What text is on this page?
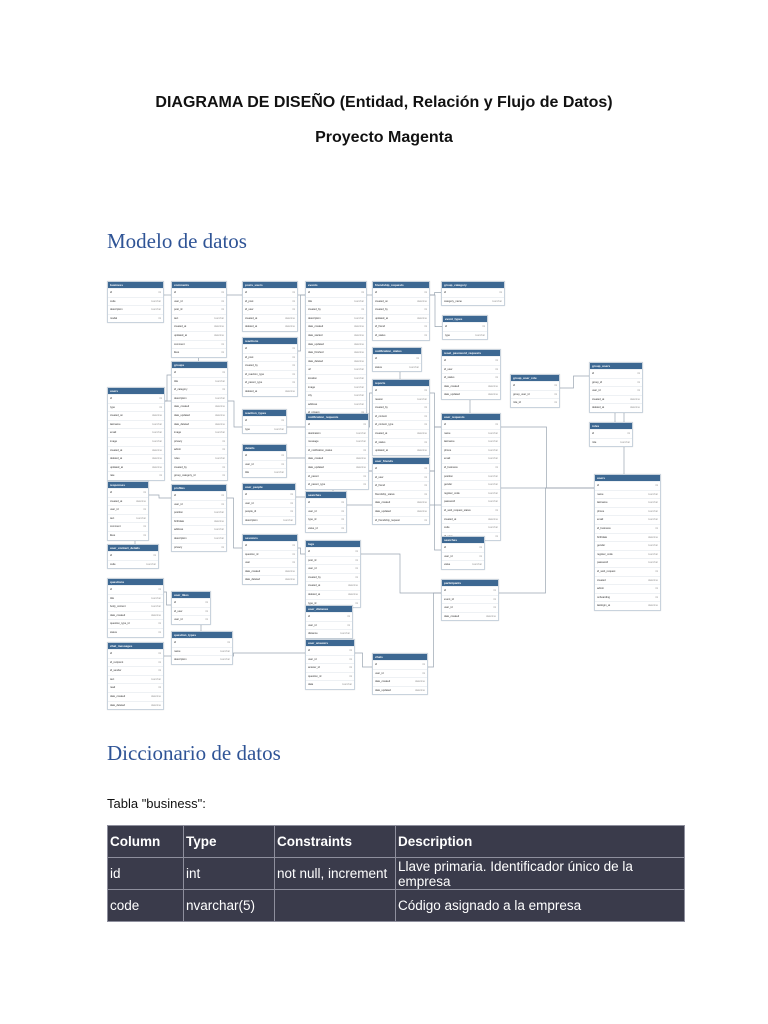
DIAGRAMA DE DISEÑO (Entidad, Relación y Flujo de Datos)
Proyecto Magenta
Modelo de datos
business
id	int
code	nvarchar
description	nvarchar
modal	int
comments
id	int
user_id	int
post_id	int
text	nvarchar
created_at	datetime
updated_at	datetime
comment	int
likes	int
posts_users
id	int
id_post	int
id_user	int
created_at	datetime
deleted_at	datetime
events
id	int
title	nvarchar
created_by	int
description	nvarchar
date_created	datetime
date_started	datetime
date_updated	datetime
date_finished	datetime
date_deleted	datetime
url	nvarchar
location	nvarchar
image	nvarchar
city	nvarchar
address	nvarchar
friendship_requests
id	int
created_on	datetime
created_by	int
updated_at	datetime
id_friend	int
id_status	int
group_category
id	int
category_name	nvarchar
event_types
id	int
type	nvarchar
reactions
id	int
id_post	int
created_by	int
id_reaction_type	int
id_parent_type	int
deleted_at	datetime
groups
id	int
title	nvarchar
id_category	int
description	nvarchar
date_created	datetime
date_updated	datetime
date_deleted	datetime
image	nvarchar
privacy	int
admin	int
rules	nvarchar
created_by	int
group_category_id	int
notification_status
id	int
status	nvarchar
reset_password_requests
id	int
id_user	int
id_status	int
date_created	datetime
date_updated	datetime
group_user_role
id	int
group_user_id	int
role_id	int
group_users
id	int
group_id	int
user_id	int
created_at	datetime
deleted_at	datetime
reports
id	int
reason	nvarchar
created_by	int
id_content	int
id_content_type	int
created_at	datetime
id_status	int
updated_at	datetime
users
id	int
type	int
created_on	datetime
lastname	nvarchar
email	nvarchar
image	nvarchar
created_at	datetime
deleted_at	datetime
updated_at	datetime
rate	int
reaction_types
id	int
type	nvarchar
notification_requests
id	int
destination	nvarchar
message	nvarchar
id_notification_status	int
date_created	datetime
date_updated	datetime
id_parent	int
id_parent_type	int
user_requests
id	int
name	nvarchar
lastname	nvarchar
phone	nvarchar
email	nvarchar
id_business	int
position	nvarchar
gender	nvarchar
register_code	nvarchar
password	nvarchar
id_web_request_status	int
created_at	datetime
code	nvarchar
int
roles
id	int
role	nvarchar
user_friends
id	int
id_user	int
id_friend	int
friendship_status	int
date_created	datetime
date_updated	datetime
id_friendship_request	int
responses
id	int
created_at	datetime
user_id	int
text	nvarchar
comment	int
likes	int
profiles
id	int
user_id	int
position	nvarchar
birthdate	datetime
address	nvarchar
description	nvarchar
privacy	int
details
id	int
user_id	int
title	nvarchar
user_people
id	int
user_id	int
people_id	int
description	nvarchar
searches
id	int
user_id	int
type_id	int
value_id	int
users
id	int
name	nvarchar
lastname	nvarchar
phone	nvarchar
email	nvarchar
id_business	int
birthdate	datetime
gender	nvarchar
register_code	nvarchar
password	nvarchar
id_web_request	int
created	datetime
admin	int
onboarding	int
lastlogin_at	datetime
user_contact_details
id	int
code	nvarchar
sessions
id	int
question_id	int
user	int
date_created	datetime
date_deleted	datetime
tags
id	int
post_id	int
user_id	int
created_by	int
created_at	datetime
deleted_at	datetime
type_id	int
searches
id	int
user_id	int
value	nvarchar
questions
id	int
title	nvarchar
body_content	nvarchar
date_created	datetime
question_type_id	int
status	int
user_likes
id	int
id_user	int
user_id	int
participants
id	int
event_id	int
user_id	int
date_created	datetime
user_distance
id	int
user_id	int
distance	nvarchar
question_types
id	int
name	nvarchar
description	nvarchar
chat_messages
id	int
id_recipient	int
id_sender	int
text	nvarchar
read	int
date_created	datetime
date_deleted	datetime
user_answers
id	int
user_id	int
answer_id	int
question_id	int
data	nvarchar
chats
id	int
user_id	int
date_created	datetime
date_updated	datetime
Diccionario de datos
Tabla "business":
Column	Type	Constraints	Description
id	int	not null, increment	Llave primaria. Identificador único de la empresa
code	nvarchar(5)		Código asignado a la empresa
